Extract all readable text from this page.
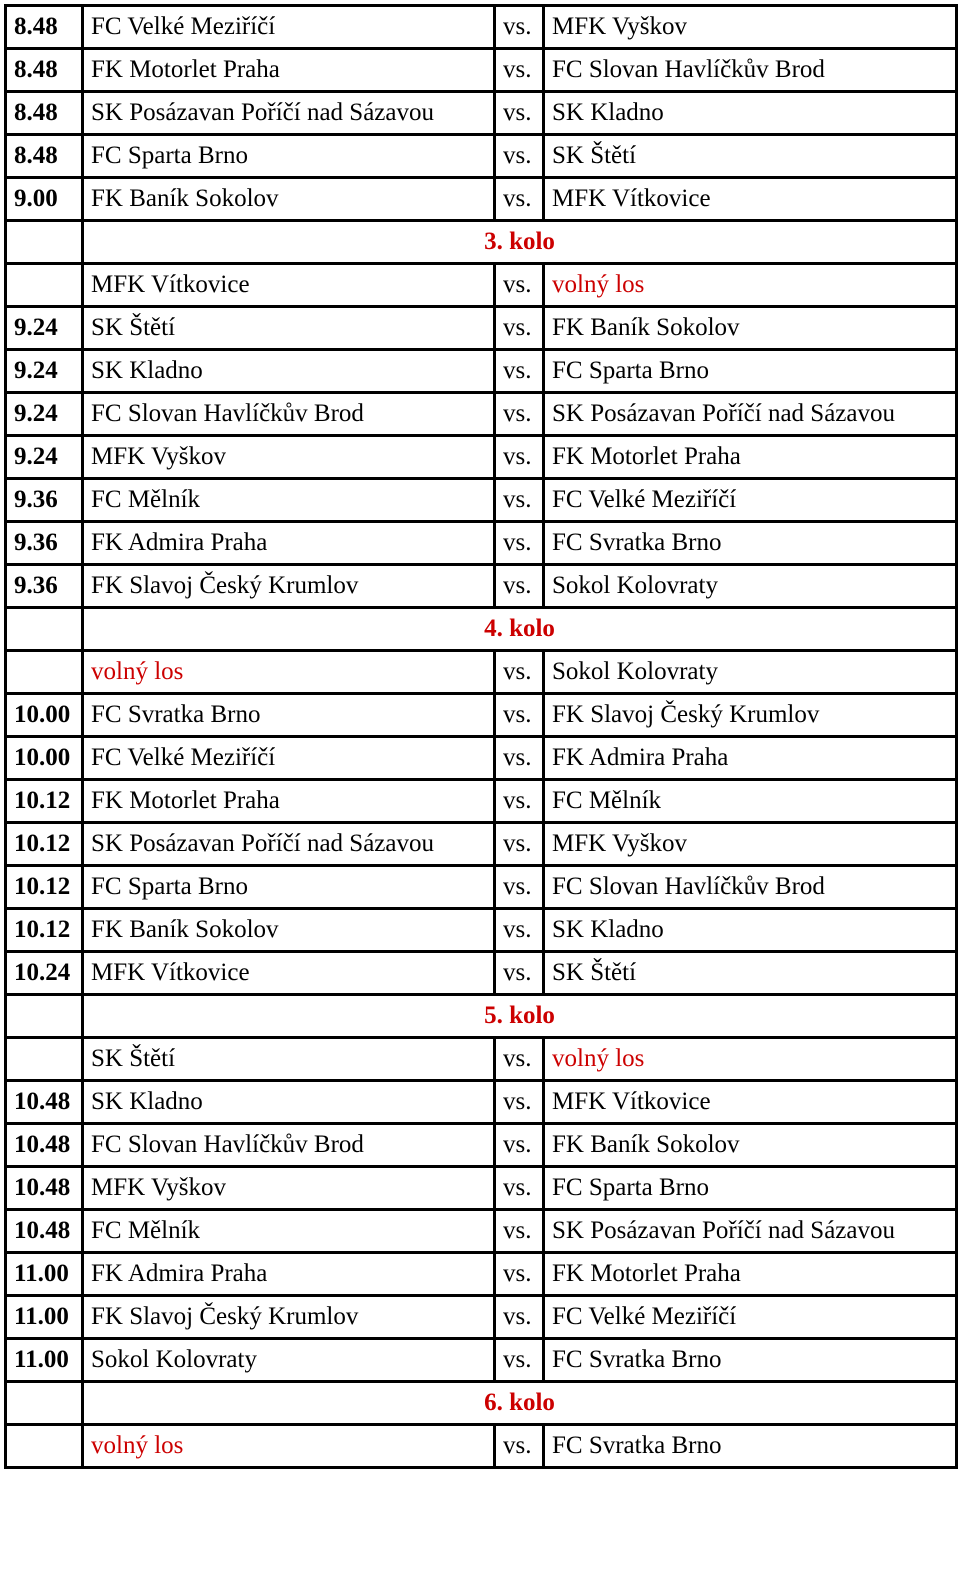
8.48	FC Velké Meziříčí	vs.	MFK Vyškov
8.48	FK Motorlet Praha	vs.	FC Slovan Havlíčkův Brod
8.48	SK Posázavan Poříčí nad Sázavou	vs.	SK Kladno
8.48	FC Sparta Brno	vs.	SK Štětí
9.00	FK Baník Sokolov	vs.	MFK Vítkovice
	3. kolo		
	MFK Vítkovice	vs.	volný los
9.24	SK Štětí	vs.	FK Baník Sokolov
9.24	SK Kladno	vs.	FC Sparta Brno
9.24	FC Slovan Havlíčkův Brod	vs.	SK Posázavan Poříčí nad Sázavou
9.24	MFK Vyškov	vs.	FK Motorlet Praha
9.36	FC Mělník	vs.	FC Velké Meziříčí
9.36	FK Admira Praha	vs.	FC Svratka Brno
9.36	FK Slavoj Český Krumlov	vs.	Sokol Kolovraty
	4. kolo		
	volný los	vs.	Sokol Kolovraty
10.00	FC Svratka Brno	vs.	FK Slavoj Český Krumlov
10.00	FC Velké Meziříčí	vs.	FK Admira Praha
10.12	FK Motorlet Praha	vs.	FC Mělník
10.12	SK Posázavan Poříčí nad Sázavou	vs.	MFK Vyškov
10.12	FC Sparta Brno	vs.	FC Slovan Havlíčkův Brod
10.12	FK Baník Sokolov	vs.	SK Kladno
10.24	MFK Vítkovice	vs.	SK Štětí
	5. kolo		
	SK Štětí	vs.	volný los
10.48	SK Kladno	vs.	MFK Vítkovice
10.48	FC Slovan Havlíčkův Brod	vs.	FK Baník Sokolov
10.48	MFK Vyškov	vs.	FC Sparta Brno
10.48	FC Mělník	vs.	SK Posázavan Poříčí nad Sázavou
11.00	FK Admira Praha	vs.	FK Motorlet Praha
11.00	FK Slavoj Český Krumlov	vs.	FC Velké Meziříčí
11.00	Sokol Kolovraty	vs.	FC Svratka Brno
	6. kolo		
	volný los	vs.	FC Svratka Brno
